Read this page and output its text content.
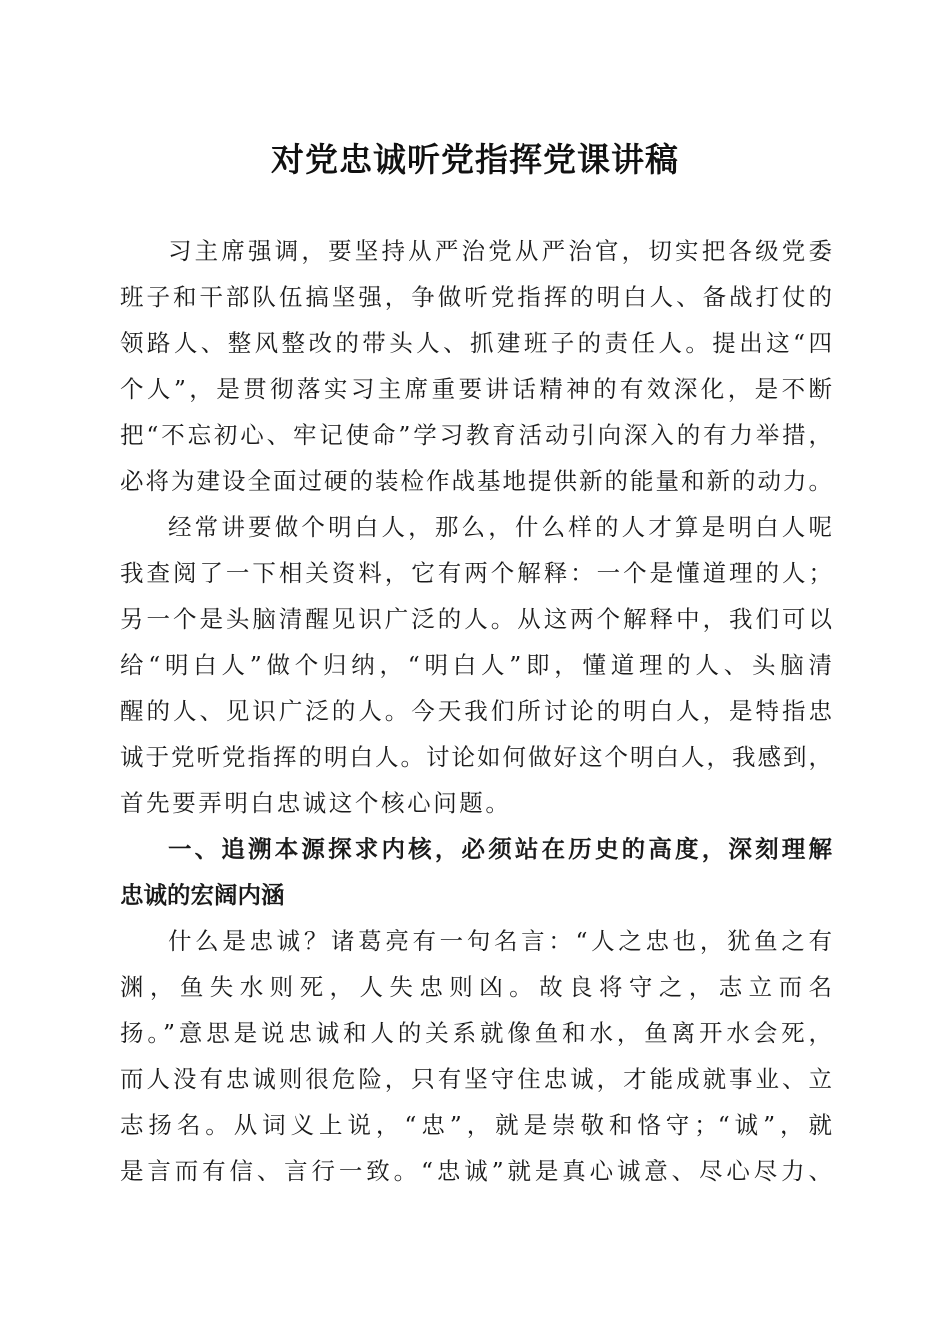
对党忠诚听党指挥党课讲稿
习主席强调，要坚持从严治党从严治官，切实把各级党委
班子和干部队伍搞坚强，争做听党指挥的明白人、备战打仗的
领路人、整风整改的带头人、抓建班子的责任人。提出这“四
个人”，是贯彻落实习主席重要讲话精神的有效深化，是不断
把“不忘初心、牢记使命”学习教育活动引向深入的有力举措，
必将为建设全面过硬的装检作战基地提供新的能量和新的动力。
经常讲要做个明白人，那么，什么样的人才算是明白人呢
我查阅了一下相关资料，它有两个解释：一个是懂道理的人；
另一个是头脑清醒见识广泛的人。从这两个解释中，我们可以
给“明白人”做个归纳，“明白人”即，懂道理的人、头脑清
醒的人、见识广泛的人。今天我们所讨论的明白人，是特指忠
诚于党听党指挥的明白人。讨论如何做好这个明白人，我感到，
首先要弄明白忠诚这个核心问题。
一、追溯本源探求内核，必须站在历史的高度，深刻理解
忠诚的宏阔内涵
什么是忠诚？诸葛亮有一句名言：“人之忠也，犹鱼之有
渊，鱼失水则死，人失忠则凶。故良将守之，志立而名
扬。”意思是说忠诚和人的关系就像鱼和水，鱼离开水会死，
而人没有忠诚则很危险，只有坚守住忠诚，才能成就事业、立
志扬名。从词义上说，“忠”，就是崇敬和恪守；“诚”，就
是言而有信、言行一致。“忠诚”就是真心诚意、尽心尽力、
